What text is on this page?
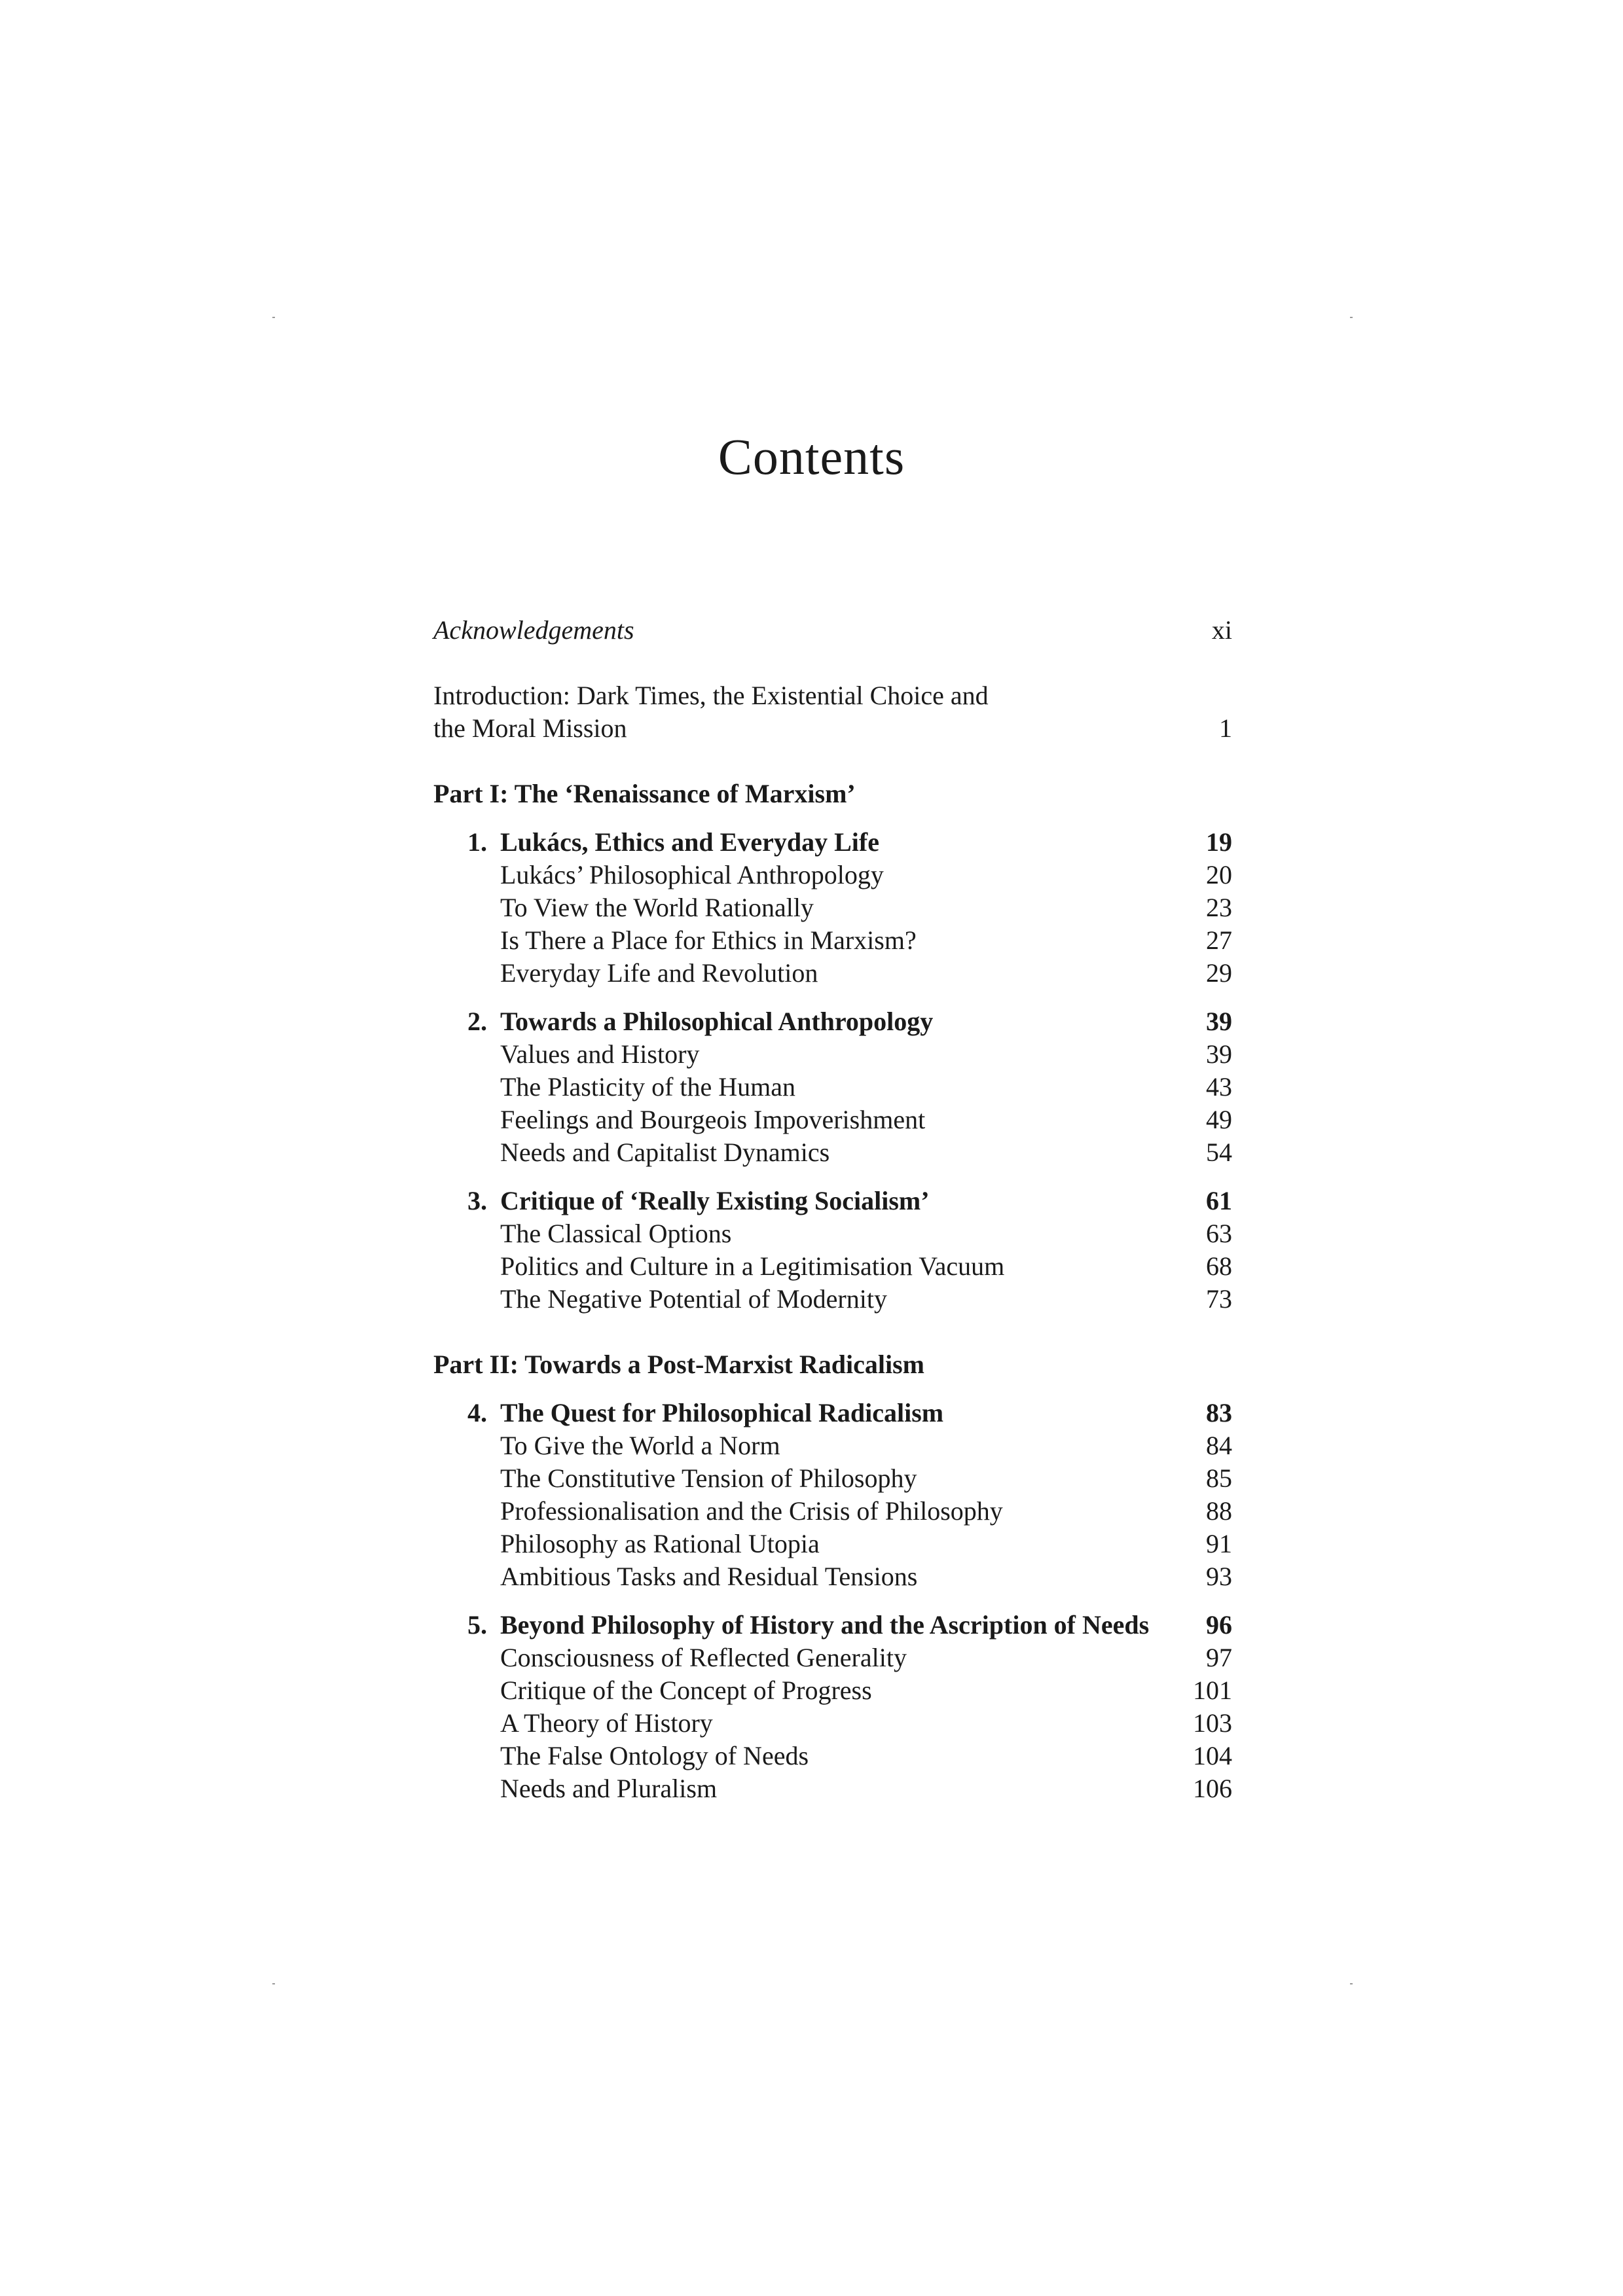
Contents
Acknowledgements	xi
Introduction: Dark Times, the Existential Choice and
the Moral Mission	1
Part I: The ‘Renaissance of Marxism’
1. Lukács, Ethics and Everyday Life	19
Lukács’ Philosophical Anthropology	20
To View the World Rationally	23
Is There a Place for Ethics in Marxism?	27
Everyday Life and Revolution	29
2. Towards a Philosophical Anthropology	39
Values and History	39
The Plasticity of the Human	43
Feelings and Bourgeois Impoverishment	49
Needs and Capitalist Dynamics	54
3. Critique of ‘Really Existing Socialism’	61
The Classical Options	63
Politics and Culture in a Legitimisation Vacuum	68
The Negative Potential of Modernity	73
Part II: Towards a Post-Marxist Radicalism
4. The Quest for Philosophical Radicalism	83
To Give the World a Norm	84
The Constitutive Tension of Philosophy	85
Professionalisation and the Crisis of Philosophy	88
Philosophy as Rational Utopia	91
Ambitious Tasks and Residual Tensions	93
5. Beyond Philosophy of History and the Ascription of Needs	96
Consciousness of Reflected Generality	97
Critique of the Concept of Progress	101
A Theory of History	103
The False Ontology of Needs	104
Needs and Pluralism	106
